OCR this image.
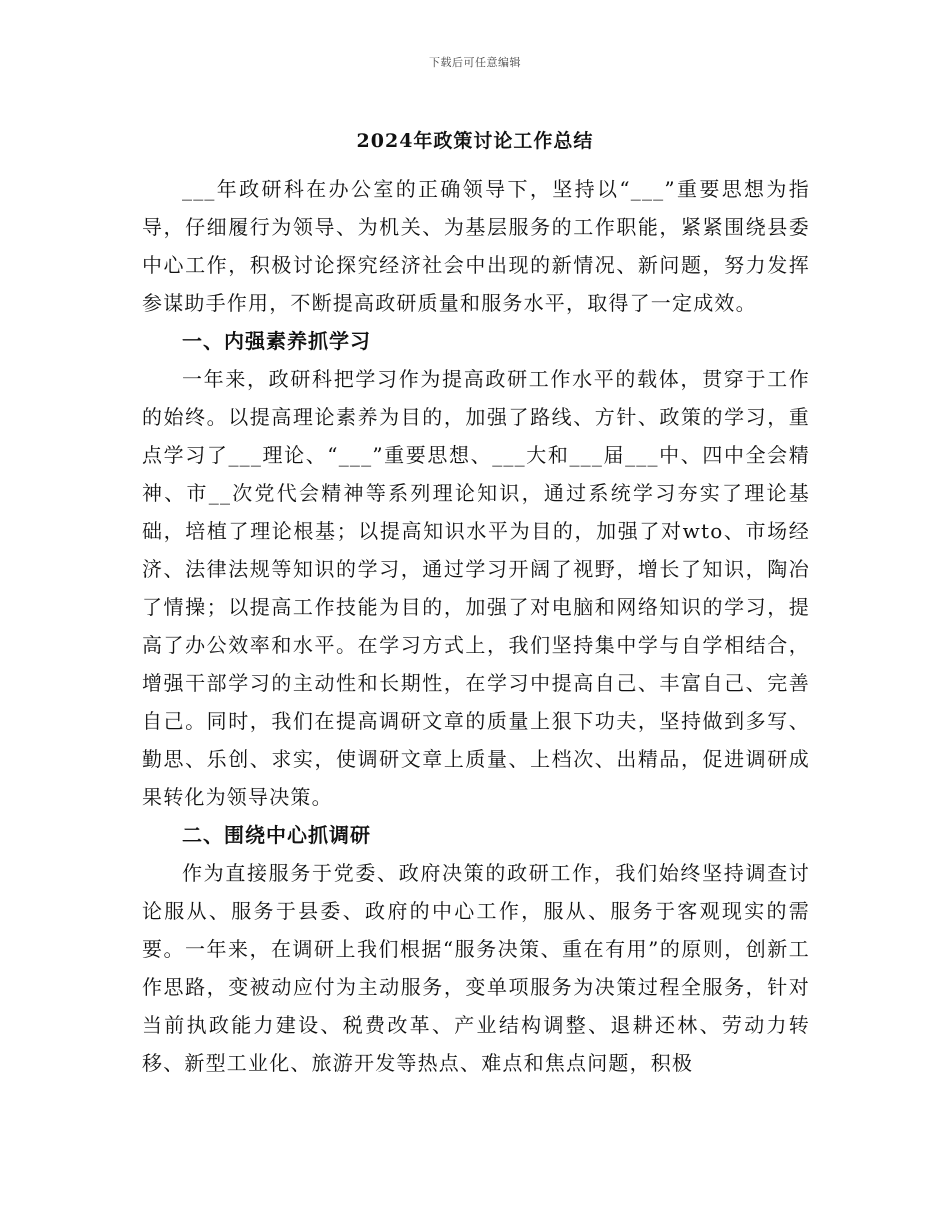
下载后可任意编辑
2024年政策讨论工作总结

___年政研科在办公室的正确领导下，坚持以“___”重要思想为指导，仔细履行为领导、为机关、为基层服务的工作职能，紧紧围绕县委中心工作，积极讨论探究经济社会中出现的新情况、新问题，努力发挥参谋助手作用，不断提高政研质量和服务水平，取得了一定成效。

一、内强素养抓学习

一年来，政研科把学习作为提高政研工作水平的载体，贯穿于工作的始终。以提高理论素养为目的，加强了路线、方针、政策的学习，重点学习了___理论、“___”重要思想、___大和___届___中、四中全会精神、市__次党代会精神等系列理论知识，通过系统学习夯实了理论基础，培植了理论根基；以提高知识水平为目的，加强了对wto、市场经济、法律法规等知识的学习，通过学习开阔了视野，增长了知识，陶冶了情操；以提高工作技能为目的，加强了对电脑和网络知识的学习，提高了办公效率和水平。在学习方式上，我们坚持集中学与自学相结合，增强干部学习的主动性和长期性，在学习中提高自己、丰富自己、完善自己。同时，我们在提高调研文章的质量上狠下功夫，坚持做到多写、勤思、乐创、求实，使调研文章上质量、上档次、出精品，促进调研成果转化为领导决策。

二、围绕中心抓调研

作为直接服务于党委、政府决策的政研工作，我们始终坚持调查讨论服从、服务于县委、政府的中心工作，服从、服务于客观现实的需要。一年来，在调研上我们根据“服务决策、重在有用”的原则，创新工作思路，变被动应付为主动服务，变单项服务为决策过程全服务，针对当前执政能力建设、税费改革、产业结构调整、退耕还林、劳动力转移、新型工业化、旅游开发等热点、难点和焦点问题，积极
